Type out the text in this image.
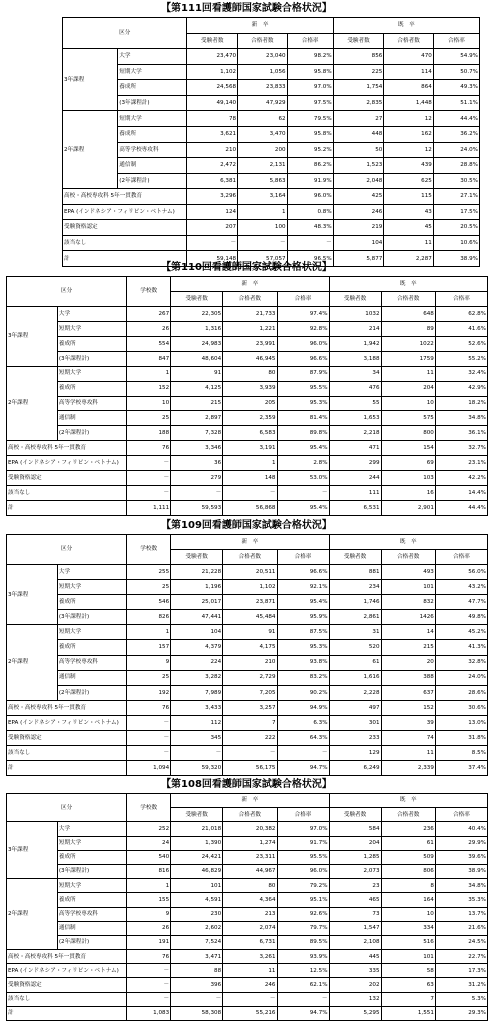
【第111回看護師国家試験合格状況】
区分		新　卒			既　卒		
		受験者数	合格者数	合格率	受験者数	合格者数	合格率
3年課程	大学	23,470	23,040	98.2%	856	470	54.9%
	短期大学	1,102	1,056	95.8%	225	114	50.7%
	養成所	24,568	23,833	97.0%	1,754	864	49.3%
	(3年課程計)	49,140	47,929	97.5%	2,835	1,448	51.1%
2年課程	短期大学	78	62	79.5%	27	12	44.4%
	養成所	3,621	3,470	95.8%	448	162	36.2%
	高等学校専攻科	210	200	95.2%	50	12	24.0%
	通信制	2,472	2,131	86.2%	1,523	439	28.8%
	(2年課程計)	6,381	5,863	91.9%	2,048	625	30.5%
高校・高校専攻科 5年一貫教育		3,296	3,164	96.0%	425	115	27.1%
EPA (インドネシア・フィリピン・ベトナム)		124	1	0.8%	246	43	17.5%
受験資格認定		207	100	48.3%	219	45	20.5%
該当なし		－	－	－	104	11	10.6%
計		59,148	57,057	96.5%	5,877	2,287	38.9%
【第110回看護師国家試験合格状況】
区分		学校数	新　卒			既　卒		
			受験者数	合格者数	合格率	受験者数	合格者数	合格率
3年課程	大学	267	22,305	21,733	97.4%	1032	648	62.8%
	短期大学	26	1,316	1,221	92.8%	214	89	41.6%
	養成所	554	24,983	23,991	96.0%	1,942	1022	52.6%
	(3年課程計)	847	48,604	46,945	96.6%	3,188	1759	55.2%
2年課程	短期大学	1	91	80	87.9%	34	11	32.4%
	養成所	152	4,125	3,939	95.5%	476	204	42.9%
	高等学校専攻科	10	215	205	95.3%	55	10	18.2%
	通信制	25	2,897	2,359	81.4%	1,653	575	34.8%
	(2年課程計)	188	7,328	6,583	89.8%	2,218	800	36.1%
高校・高校専攻科 5年一貫教育		76	3,346	3,191	95.4%	471	154	32.7%
EPA (インドネシア・フィリピン・ベトナム)		－	36	1	2.8%	299	69	23.1%
受験資格認定		－	279	148	53.0%	244	103	42.2%
該当なし		－	－	－	－	111	16	14.4%
計		1,111	59,593	56,868	95.4%	6,531	2,901	44.4%
【第109回看護師国家試験合格状況】
区分		学校数	新　卒			既　卒		
			受験者数	合格者数	合格率	受験者数	合格者数	合格率
3年課程	大学	255	21,228	20,511	96.6%	881	493	56.0%
	短期大学	25	1,196	1,102	92.1%	234	101	43.2%
	養成所	546	25,017	23,871	95.4%	1,746	832	47.7%
	(3年課程計)	826	47,441	45,484	95.9%	2,861	1426	49.8%
2年課程	短期大学	1	104	91	87.5%	31	14	45.2%
	養成所	157	4,379	4,175	95.3%	520	215	41.3%
	高等学校専攻科	9	224	210	93.8%	61	20	32.8%
	通信制	25	3,282	2,729	83.2%	1,616	388	24.0%
	(2年課程計)	192	7,989	7,205	90.2%	2,228	637	28.6%
高校・高校専攻科 5年一貫教育		76	3,433	3,257	94.9%	497	152	30.6%
EPA (インドネシア・フィリピン・ベトナム)		－	112	7	6.3%	301	39	13.0%
受験資格認定		－	345	222	64.3%	233	74	31.8%
該当なし		－	－	－	－	129	11	8.5%
計		1,094	59,320	56,175	94.7%	6,249	2,339	37.4%
【第108回看護師国家試験合格状況】
区分		学校数	新　卒			既　卒		
			受験者数	合格者数	合格率	受験者数	合格者数	合格率
3年課程	大学	252	21,018	20,382	97.0%	584	236	40.4%
	短期大学	24	1,390	1,274	91.7%	204	61	29.9%
	養成所	540	24,421	23,311	95.5%	1,285	509	39.6%
	(3年課程計)	816	46,829	44,967	96.0%	2,073	806	38.9%
2年課程	短期大学	1	101	80	79.2%	23	8	34.8%
	養成所	155	4,591	4,364	95.1%	465	164	35.3%
	高等学校専攻科	9	230	213	92.6%	73	10	13.7%
	通信制	26	2,602	2,074	79.7%	1,547	334	21.6%
	(2年課程計)	191	7,524	6,731	89.5%	2,108	516	24.5%
高校・高校専攻科 5年一貫教育		76	3,471	3,261	93.9%	445	101	22.7%
EPA (インドネシア・フィリピン・ベトナム)		－	88	11	12.5%	335	58	17.3%
受験資格認定		－	396	246	62.1%	202	63	31.2%
該当なし		－	－	－	－	132	7	5.3%
計		1,083	58,308	55,216	94.7%	5,295	1,551	29.3%
